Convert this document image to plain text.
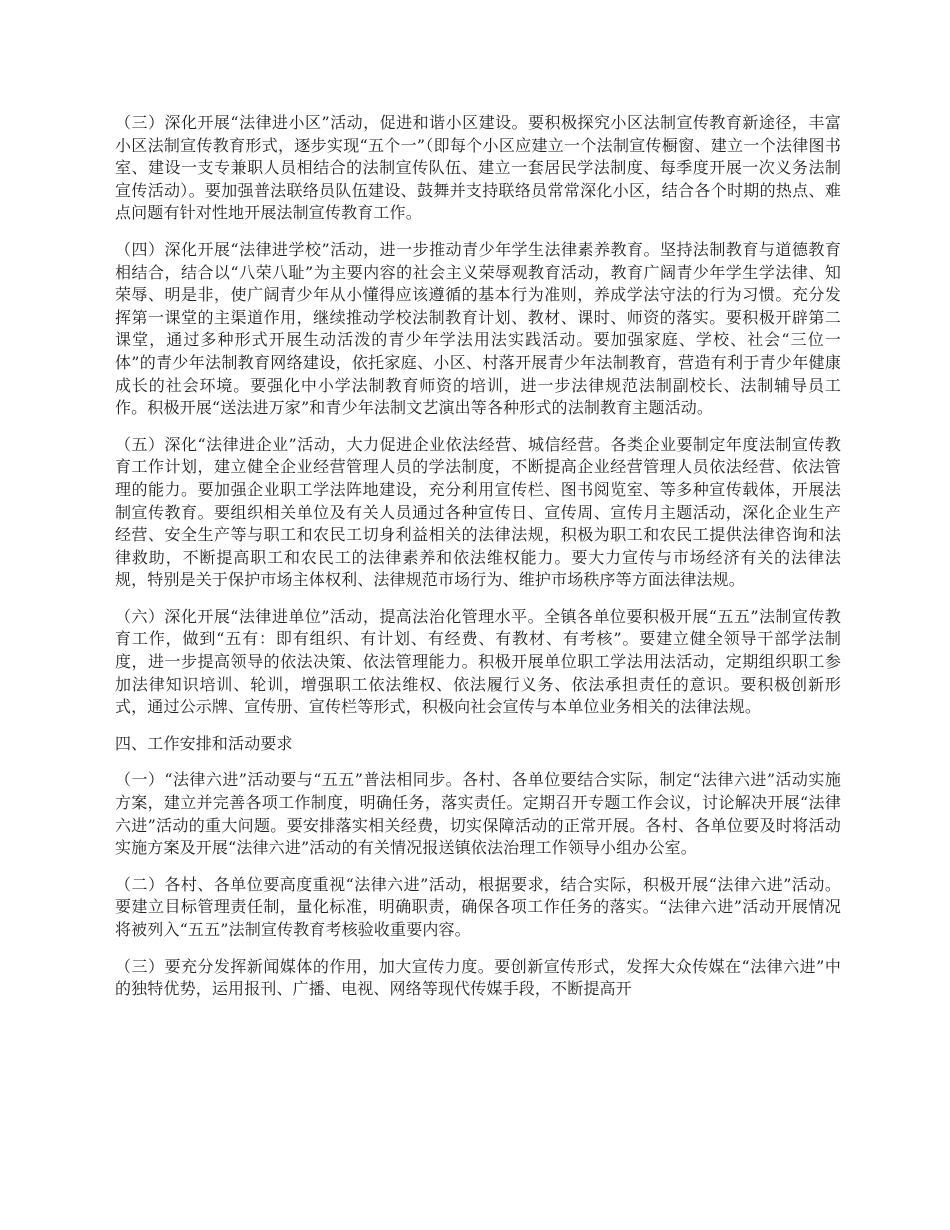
（三）深化开展“法律进小区”活动，促进和谐小区建设。要积极探究小区法制宣传教育新途径，丰富小区法制宣传教育形式，逐步实现“五个一”（即每个小区应建立一个法制宣传橱窗、建立一个法律图书室、建设一支专兼职人员相结合的法制宣传队伍、建立一套居民学法制度、每季度开展一次义务法制宣传活动）。要加强普法联络员队伍建设、鼓舞并支持联络员常常深化小区，结合各个时期的热点、难点问题有针对性地开展法制宣传教育工作。

（四）深化开展“法律进学校”活动，进一步推动青少年学生法律素养教育。坚持法制教育与道德教育相结合，结合以“八荣八耻”为主要内容的社会主义荣辱观教育活动，教育广阔青少年学生学法律、知荣辱、明是非，使广阔青少年从小懂得应该遵循的基本行为准则，养成学法守法的行为习惯。充分发挥第一课堂的主渠道作用，继续推动学校法制教育计划、教材、课时、师资的落实。要积极开辟第二课堂，通过多种形式开展生动活泼的青少年学法用法实践活动。要加强家庭、学校、社会“三位一体”的青少年法制教育网络建设，依托家庭、小区、村落开展青少年法制教育，营造有利于青少年健康成长的社会环境。要强化中小学法制教育师资的培训，进一步法律规范法制副校长、法制辅导员工作。积极开展“送法进万家”和青少年法制文艺演出等各种形式的法制教育主题活动。

（五）深化“法律进企业”活动，大力促进企业依法经营、城信经营。各类企业要制定年度法制宣传教育工作计划，建立健全企业经营管理人员的学法制度，不断提高企业经营管理人员依法经营、依法管理的能力。要加强企业职工学法阵地建设，充分利用宣传栏、图书阅览室、等多种宣传载体，开展法制宣传教育。要组织相关单位及有关人员通过各种宣传日、宣传周、宣传月主题活动，深化企业生产经营、安全生产等与职工和农民工切身利益相关的法律法规，积极为职工和农民工提供法律咨询和法律救助，不断提高职工和农民工的法律素养和依法维权能力。要大力宣传与市场经济有关的法律法规，特别是关于保护市场主体权利、法律规范市场行为、维护市场秩序等方面法律法规。

（六）深化开展“法律进单位”活动，提高法治化管理水平。全镇各单位要积极开展“五五”法制宣传教育工作，做到“五有：即有组织、有计划、有经费、有教材、有考核”。要建立健全领导干部学法制度，进一步提高领导的依法决策、依法管理能力。积极开展单位职工学法用法活动，定期组织职工参加法律知识培训、轮训，增强职工依法维权、依法履行义务、依法承担责任的意识。要积极创新形式，通过公示牌、宣传册、宣传栏等形式，积极向社会宣传与本单位业务相关的法律法规。

四、工作安排和活动要求

（一）“法律六进”活动要与“五五”普法相同步。各村、各单位要结合实际，制定“法律六进”活动实施方案，建立并完善各项工作制度，明确任务，落实责任。定期召开专题工作会议，讨论解决开展“法律六进”活动的重大问题。要安排落实相关经费，切实保障活动的正常开展。各村、各单位要及时将活动实施方案及开展“法律六进”活动的有关情况报送镇依法治理工作领导小组办公室。

（二）各村、各单位要高度重视“法律六进”活动，根据要求，结合实际，积极开展“法律六进”活动。要建立目标管理责任制，量化标准，明确职责，确保各项工作任务的落实。“法律六进”活动开展情况将被列入“五五”法制宣传教育考核验收重要内容。

（三）要充分发挥新闻媒体的作用，加大宣传力度。要创新宣传形式，发挥大众传媒在“法律六进”中的独特优势，运用报刊、广播、电视、网络等现代传媒手段，不断提高开
